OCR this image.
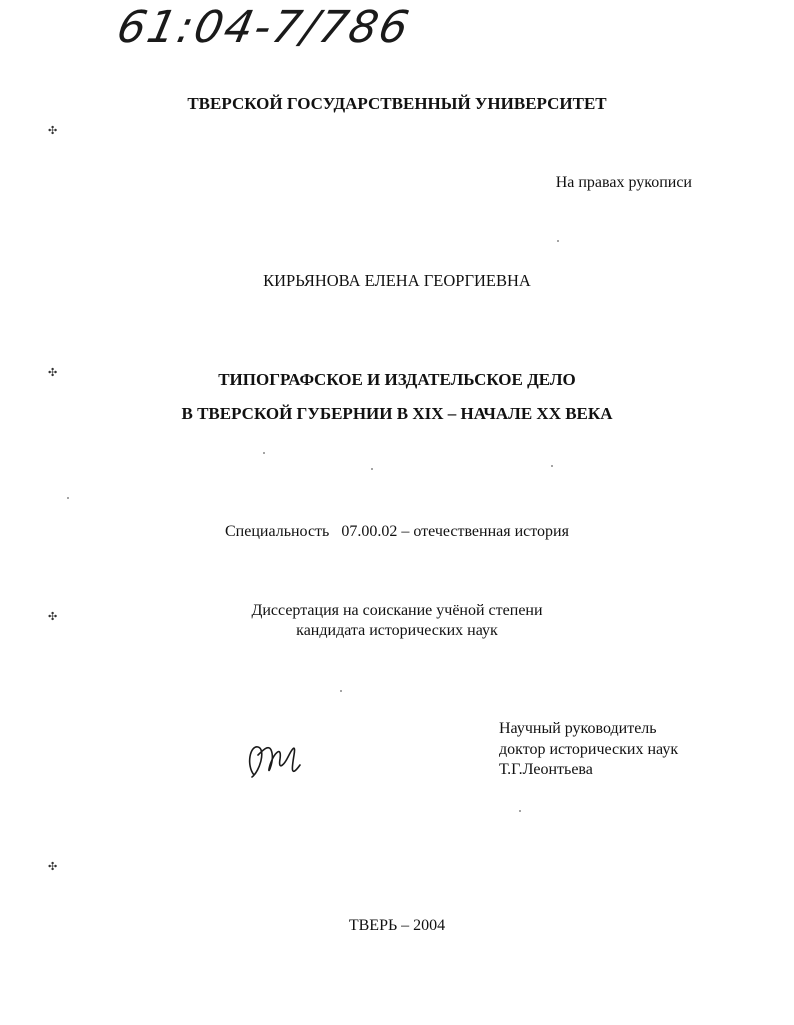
61:04-7/786
✣
✣
✣
✣
ТВЕРСКОЙ ГОСУДАРСТВЕННЫЙ УНИВЕРСИТЕТ
На правах рукописи
КИРЬЯНОВА ЕЛЕНА ГЕОРГИЕВНА
ТИПОГРАФСКОЕ И ИЗДАТЕЛЬСКОЕ ДЕЛО
В ТВЕРСКОЙ ГУБЕРНИИ В XIX – НАЧАЛЕ XX ВЕКА
Специальность   07.00.02 – отечественная история
Диссертация на соискание учёной степени
кандидата исторических наук
Научный руководитель
доктор исторических наук
Т.Г.Леонтьева
ТВЕРЬ – 2004
